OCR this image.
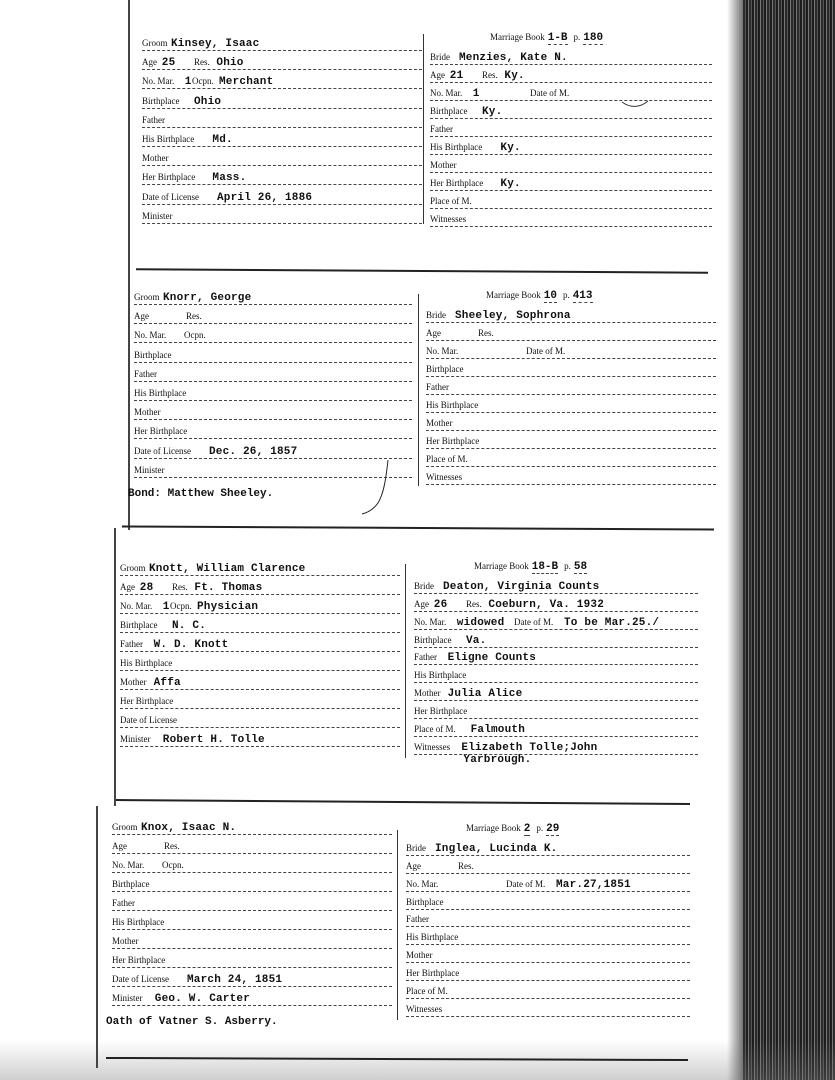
Groom Kinsey, Isaac
Age 25 Res. Ohio
No. Mar. 1 Ocpn. Merchant
Birthplace Ohio
Father
His Birthplace Md.
Mother
Her Birthplace Mass.
Date of License April 26, 1886
Minister
Marriage Book 1-B p. 180
Bride Menzies, Kate N.
Age 21 Res. Ky.
No. Mar. 1	Date of M.
Birthplace Ky.
Father
His Birthplace Ky.
Mother
Her Birthplace Ky.
Place of M.
Witnesses
Groom Knorr, George
Age	Res.
No. Mar. Ocpn.
Birthplace
Father
His Birthplace
Mother
Her Birthplace
Date of License Dec. 26, 1857
Minister
Marriage Book 10 p. 413
Bride Sheeley, Sophrona
Age	Res.
No. Mar.	Date of M.
Birthplace
Father
His Birthplace
Mother
Her Birthplace
Place of M.
Witnesses
Bond: Matthew Sheeley.
Groom Knott, William Clarence
Age 28 Res. Ft. Thomas
No. Mar. 1 Ocpn. Physician
Birthplace N. C.
Father W. D. Knott
His Birthplace
Mother Affa
Her Birthplace
Date of License
Minister Robert H. Tolle
Marriage Book 18-B p. 58
Bride Deaton, Virginia Counts
Age 26 Res. Coeburn, Va. 1932
No. Mar. widowed Date of M. To be Mar.25./
Birthplace Va.
Father Eligne Counts
His Birthplace
Mother Julia Alice
Her Birthplace
Place of M. Falmouth
Witnesses Elizabeth Tolle;John
Yarbrough.
Groom Knox, Isaac N.
Age	Res.
No. Mar. Ocpn.
Birthplace
Father
His Birthplace
Mother
Her Birthplace
Date of License March 24, 1851
Minister Geo. W. Carter
Marriage Book 2 p. 29
Bride Inglea, Lucinda K.
Age	Res.
No. Mar.	Date of M. Mar.27,1851
Birthplace
Father
His Birthplace
Mother
Her Birthplace
Place of M.
Witnesses
Oath of Vatner S. Asberry.
